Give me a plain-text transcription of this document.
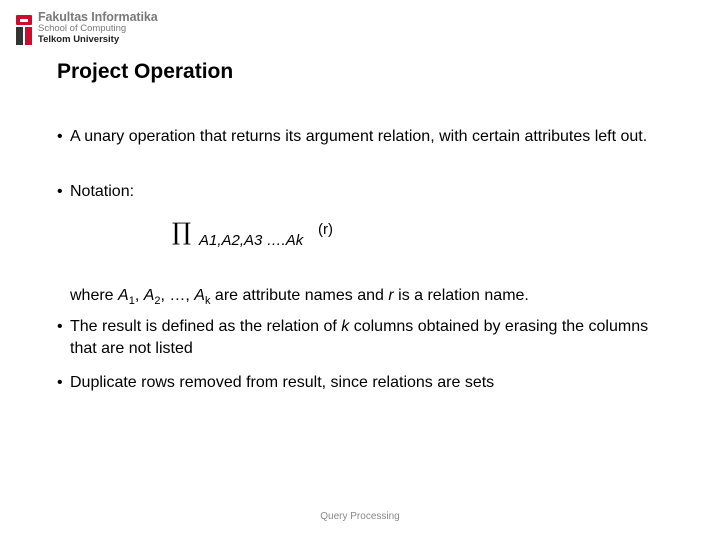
Fakultas Informatika
School of Computing
Telkom University
Project Operation
• A unary operation that returns its argument relation, with certain attributes left out.
• Notation:
∏ A1,A2,A3 ….Ak
(r)
where $A_1$, $A_2$, …, $A_k$ are attribute names and r is a relation name.
• The result is defined as the relation of k columns obtained by erasing the columns that are not listed
• Duplicate rows removed from result, since relations are sets
Query Processing
